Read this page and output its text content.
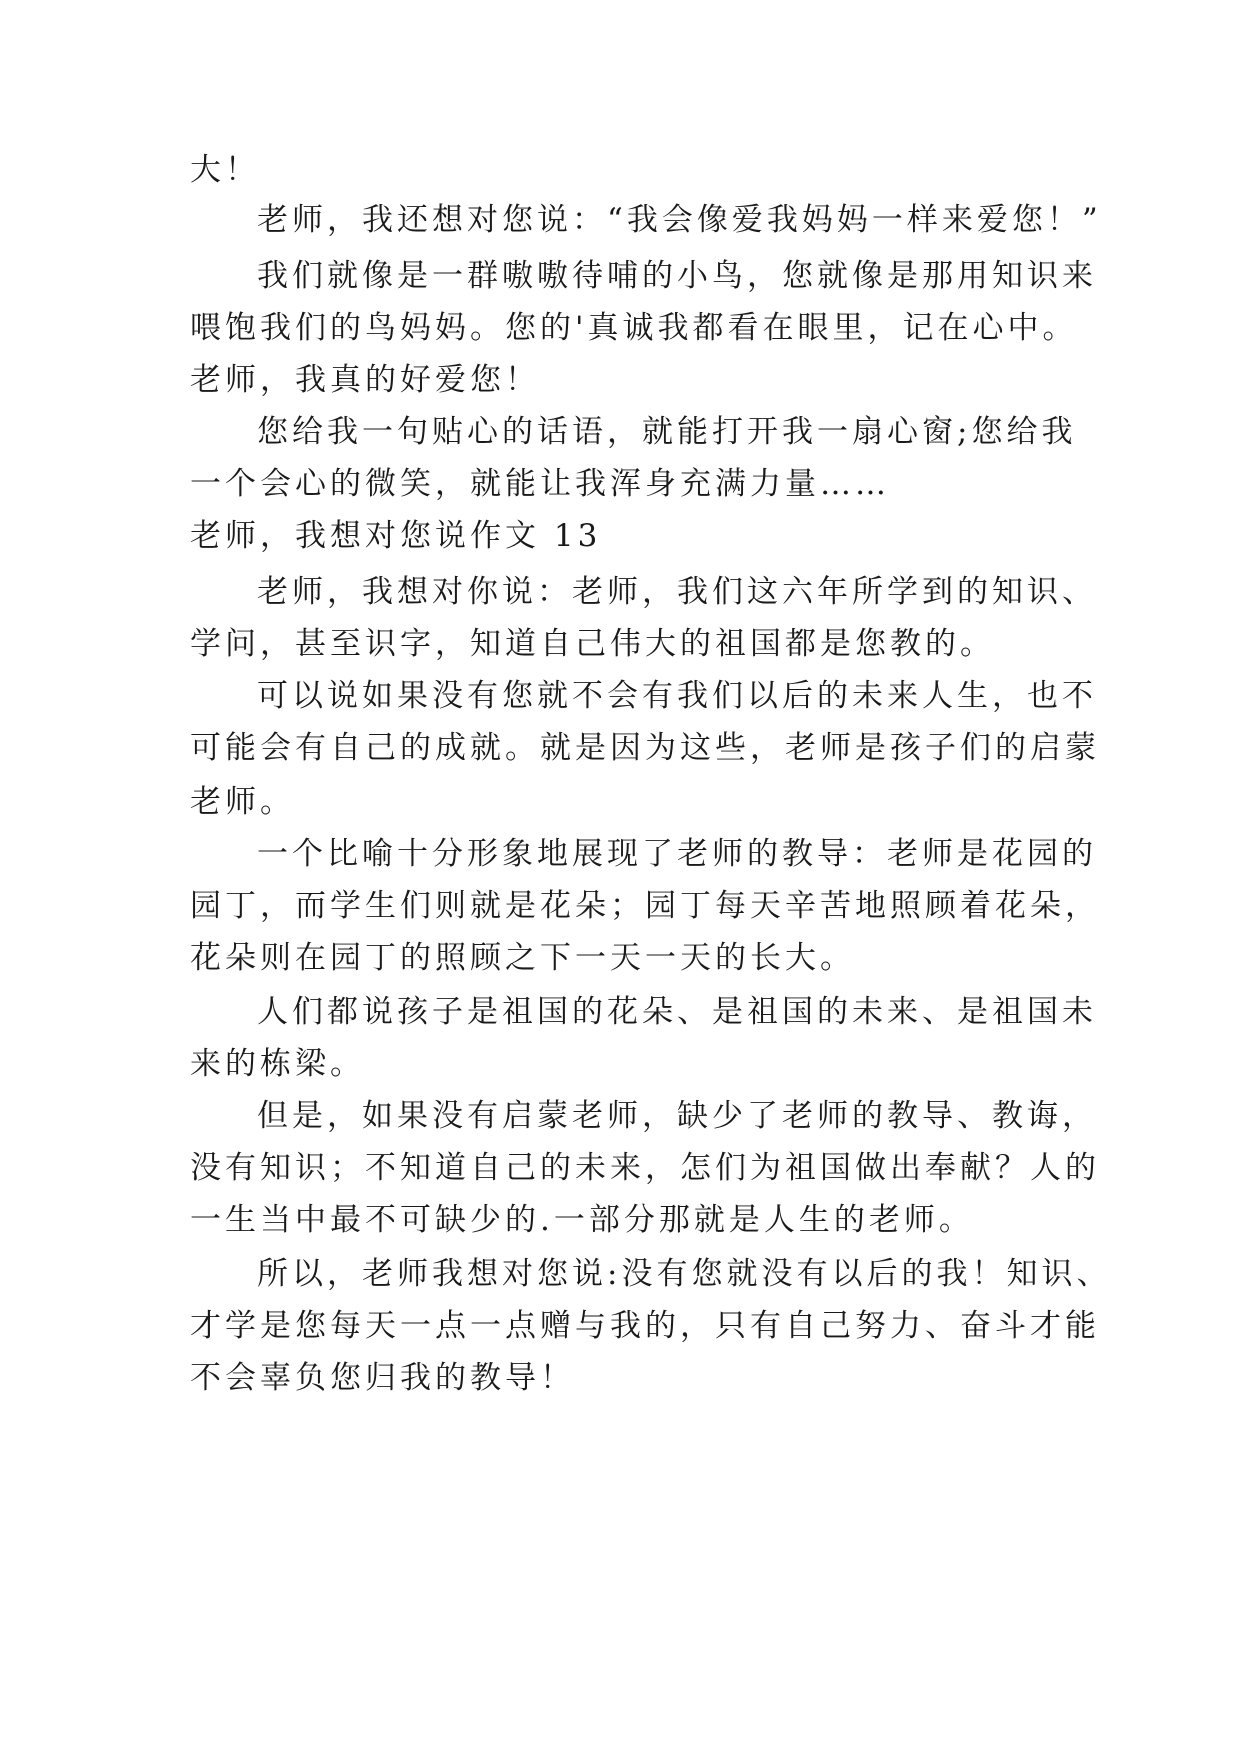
大！
老师，我还想对您说：“我会像爱我妈妈一样来爱您！”
我们就像是一群嗷嗷待哺的小鸟，您就像是那用知识来
喂饱我们的鸟妈妈。您的'真诚我都看在眼里，记在心中。
老师，我真的好爱您！
您给我一句贴心的话语，就能打开我一扇心窗;您给我
一个会心的微笑，就能让我浑身充满力量……
老师，我想对您说作文 13
老师，我想对你说：老师，我们这六年所学到的知识、
学问，甚至识字，知道自己伟大的祖国都是您教的。
可以说如果没有您就不会有我们以后的未来人生，也不
可能会有自己的成就。就是因为这些，老师是孩子们的启蒙
老师。
一个比喻十分形象地展现了老师的教导：老师是花园的
园丁，而学生们则就是花朵；园丁每天辛苦地照顾着花朵，
花朵则在园丁的照顾之下一天一天的长大。
人们都说孩子是祖国的花朵、是祖国的未来、是祖国未
来的栋梁。
但是，如果没有启蒙老师，缺少了老师的教导、教诲，
没有知识；不知道自己的未来，怎们为祖国做出奉献？人的
一生当中最不可缺少的.一部分那就是人生的老师。
所以，老师我想对您说:没有您就没有以后的我！知识、
才学是您每天一点一点赠与我的，只有自己努力、奋斗才能
不会辜负您归我的教导！
